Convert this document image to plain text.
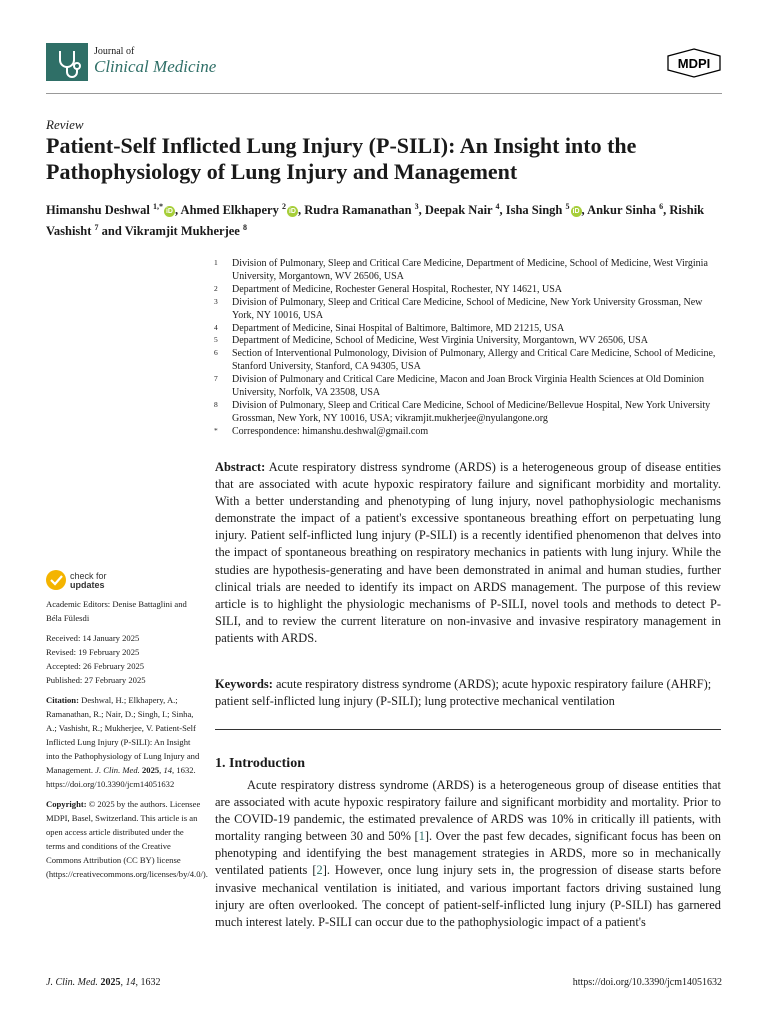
Journal of
Clinical Medicine	MDPI
Review
Patient-Self Inflicted Lung Injury (P-SILI): An Insight into the Pathophysiology of Lung Injury and Management
Himanshu Deshwal $^{1,*}$iD , Ahmed Elkhapery $^2$iD , Rudra Ramanathan $^3$, Deepak Nair $^4$, Isha Singh $^5$iD , Ankur Sinha $^6$, Rishik Vashisht $^7$ and Vikramjit Mukherjee $^8$
1 Division of Pulmonary, Sleep and Critical Care Medicine, Department of Medicine, School of Medicine, West Virginia University, Morgantown, WV 26506, USA
2 Department of Medicine, Rochester General Hospital, Rochester, NY 14621, USA
3 Division of Pulmonary, Sleep and Critical Care Medicine, School of Medicine, New York University Grossman, New York, NY 10016, USA
4 Department of Medicine, Sinai Hospital of Baltimore, Baltimore, MD 21215, USA
5 Department of Medicine, School of Medicine, West Virginia University, Morgantown, WV 26506, USA
6 Section of Interventional Pulmonology, Division of Pulmonary, Allergy and Critical Care Medicine, School of Medicine, Stanford University, Stanford, CA 94305, USA
7 Division of Pulmonary and Critical Care Medicine, Macon and Joan Brock Virginia Health Sciences at Old Dominion University, Norfolk, VA 23508, USA
8 Division of Pulmonary, Sleep and Critical Care Medicine, School of Medicine/Bellevue Hospital, New York University Grossman, New York, NY 10016, USA; vikramjit.mukherjee@nyulangone.org
* Correspondence: himanshu.deshwal@gmail.com
check for
updates

Academic Editors: Denise Battaglini and Béla Fülesdi

Received: 14 January 2025
Revised: 19 February 2025
Accepted: 26 February 2025
Published: 27 February 2025

Citation: Deshwal, H.; Elkhapery, A.; Ramanathan, R.; Nair, D.; Singh, I.; Sinha, A.; Vashisht, R.; Mukherjee, V. Patient-Self Inflicted Lung Injury (P-SILI): An Insight into the Pathophysiology of Lung Injury and Management. J. Clin. Med. 2025, 14, 1632. https://doi.org/10.3390/jcm14051632

Copyright: © 2025 by the authors. Licensee MDPI, Basel, Switzerland. This article is an open access article distributed under the terms and conditions of the Creative Commons Attribution (CC BY) license (https://creativecommons.org/licenses/by/4.0/).

Abstract: Acute respiratory distress syndrome (ARDS) is a heterogeneous group of disease entities that are associated with acute hypoxic respiratory failure and significant morbidity and mortality. With a better understanding and phenotyping of lung injury, novel pathophysiologic mechanisms demonstrate the impact of a patient's excessive spontaneous breathing effort on perpetuating lung injury. Patient self-inflicted lung injury (P-SILI) is a recently identified phenomenon that delves into the impact of spontaneous breathing on respiratory mechanics in patients with lung injury. While the studies are hypothesis-generating and have been demonstrated in animal and human studies, further clinical trials are needed to identify its impact on ARDS management. The purpose of this review article is to highlight the physiologic mechanisms of P-SILI, novel tools and methods to detect P-SILI, and to review the current literature on non-invasive and invasive respiratory management in patients with ARDS.
Keywords: acute respiratory distress syndrome (ARDS); acute hypoxic respiratory failure (AHRF); patient self-inflicted lung injury (P-SILI); lung protective mechanical ventilation
1. Introduction
Acute respiratory distress syndrome (ARDS) is a heterogeneous group of disease entities that are associated with acute hypoxic respiratory failure and significant morbidity and mortality. Prior to the COVID-19 pandemic, the estimated prevalence of ARDS was 10% in critically ill patients, with mortality ranging between 30 and 50% [1]. Over the past few decades, significant focus has been on phenotyping and identifying the best management strategies in ARDS, more so in mechanically ventilated patients [2]. However, once lung injury sets in, the progression of disease starts before invasive mechanical ventilation is initiated, and various important factors driving sustained lung injury are often overlooked. The concept of patient-self-inflicted lung injury (P-SILI) has garnered much interest lately. P-SILI can occur due to the pathophysiologic impact of a patient's
J. Clin. Med. 2025, 14, 1632	https://doi.org/10.3390/jcm14051632
